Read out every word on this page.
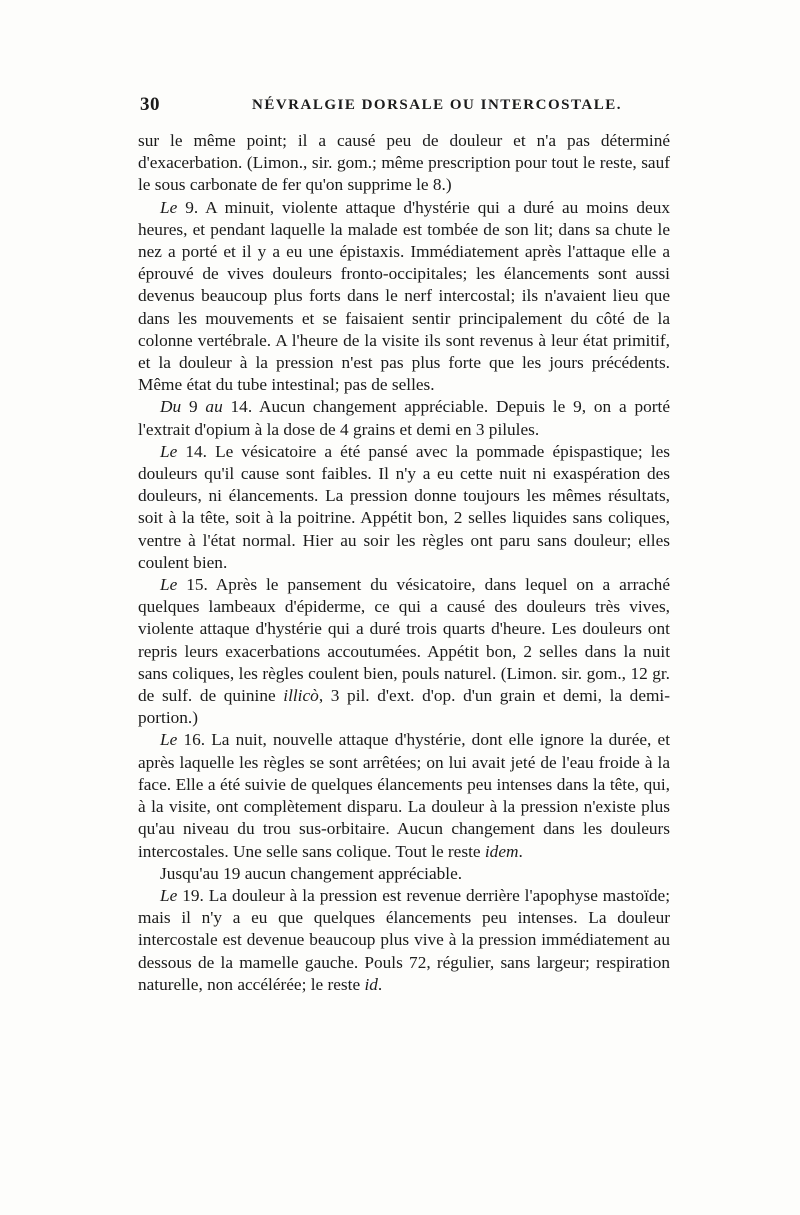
30	NÉVRALGIE DORSALE OU INTERCOSTALE.

sur le même point; il a causé peu de douleur et n'a pas déterminé d'exacerbation. (Limon., sir. gom.; même prescription pour tout le reste, sauf le sous carbonate de fer qu'on supprime le 8.)

Le 9. A minuit, violente attaque d'hystérie qui a duré au moins deux heures, et pendant laquelle la malade est tombée de son lit; dans sa chute le nez a porté et il y a eu une épistaxis. Immédiatement après l'attaque elle a éprouvé de vives douleurs fronto-occipitales; les élancements sont aussi devenus beaucoup plus forts dans le nerf intercostal; ils n'avaient lieu que dans les mouvements et se faisaient sentir principalement du côté de la colonne vertébrale. A l'heure de la visite ils sont revenus à leur état primitif, et la douleur à la pression n'est pas plus forte que les jours précédents. Même état du tube intestinal; pas de selles.

Du 9 au 14. Aucun changement appréciable. Depuis le 9, on a porté l'extrait d'opium à la dose de 4 grains et demi en 3 pilules.

Le 14. Le vésicatoire a été pansé avec la pommade épispastique; les douleurs qu'il cause sont faibles. Il n'y a eu cette nuit ni exaspération des douleurs, ni élancements. La pression donne toujours les mêmes résultats, soit à la tête, soit à la poitrine. Appétit bon, 2 selles liquides sans coliques, ventre à l'état normal. Hier au soir les règles ont paru sans douleur; elles coulent bien.

Le 15. Après le pansement du vésicatoire, dans lequel on a arraché quelques lambeaux d'épiderme, ce qui a causé des douleurs très vives, violente attaque d'hystérie qui a duré trois quarts d'heure. Les douleurs ont repris leurs exacerbations accoutumées. Appétit bon, 2 selles dans la nuit sans coliques, les règles coulent bien, pouls naturel. (Limon. sir. gom., 12 gr. de sulf. de quinine illicò, 3 pil. d'ext. d'op. d'un grain et demi, la demi-portion.)

Le 16. La nuit, nouvelle attaque d'hystérie, dont elle ignore la durée, et après laquelle les règles se sont arrêtées; on lui avait jeté de l'eau froide à la face. Elle a été suivie de quelques élancements peu intenses dans la tête, qui, à la visite, ont complètement disparu. La douleur à la pression n'existe plus qu'au niveau du trou sus-orbitaire. Aucun changement dans les douleurs intercostales. Une selle sans colique. Tout le reste idem.

Jusqu'au 19 aucun changement appréciable.

Le 19. La douleur à la pression est revenue derrière l'apophyse mastoïde; mais il n'y a eu que quelques élancements peu intenses. La douleur intercostale est devenue beaucoup plus vive à la pression immédiatement au dessous de la mamelle gauche. Pouls 72, régulier, sans largeur; respiration naturelle, non accélérée; le reste id.
